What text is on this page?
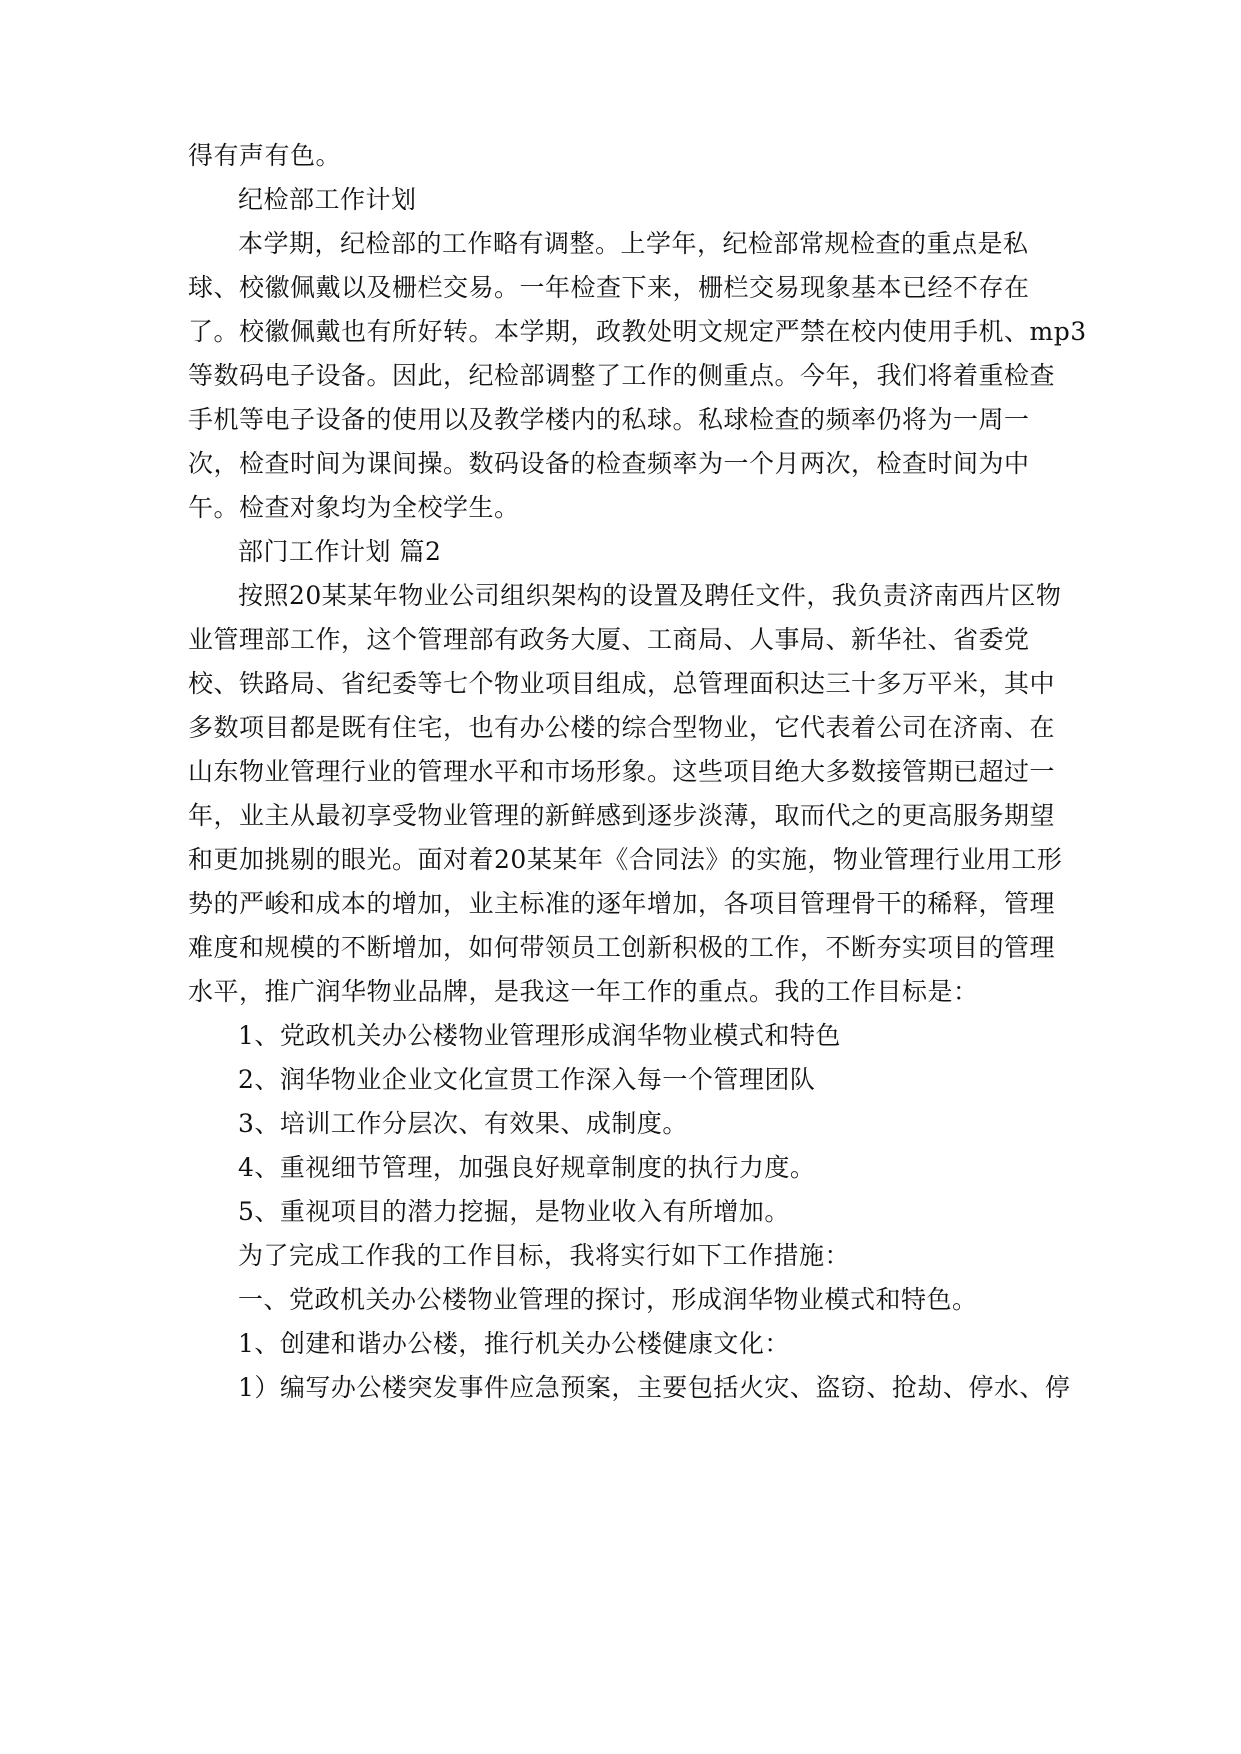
得有声有色。
纪检部工作计划
本学期，纪检部的工作略有调整。上学年，纪检部常规检查的重点是私
球、校徽佩戴以及栅栏交易。一年检查下来，栅栏交易现象基本已经不存在
了。校徽佩戴也有所好转。本学期，政教处明文规定严禁在校内使用手机、mp3
等数码电子设备。因此，纪检部调整了工作的侧重点。今年，我们将着重检查
手机等电子设备的使用以及教学楼内的私球。私球检查的频率仍将为一周一
次，检查时间为课间操。数码设备的检查频率为一个月两次，检查时间为中
午。检查对象均为全校学生。
部门工作计划 篇2
按照20某某年物业公司组织架构的设置及聘任文件，我负责济南西片区物
业管理部工作，这个管理部有政务大厦、工商局、人事局、新华社、省委党
校、铁路局、省纪委等七个物业项目组成，总管理面积达三十多万平米，其中
多数项目都是既有住宅，也有办公楼的综合型物业，它代表着公司在济南、在
山东物业管理行业的管理水平和市场形象。这些项目绝大多数接管期已超过一
年，业主从最初享受物业管理的新鲜感到逐步淡薄，取而代之的更高服务期望
和更加挑剔的眼光。面对着20某某年《合同法》的实施，物业管理行业用工形
势的严峻和成本的增加，业主标准的逐年增加，各项目管理骨干的稀释，管理
难度和规模的不断增加，如何带领员工创新积极的工作，不断夯实项目的管理
水平，推广润华物业品牌，是我这一年工作的重点。我的工作目标是：
1、党政机关办公楼物业管理形成润华物业模式和特色
2、润华物业企业文化宣贯工作深入每一个管理团队
3、培训工作分层次、有效果、成制度。
4、重视细节管理，加强良好规章制度的执行力度。
5、重视项目的潜力挖掘，是物业收入有所增加。
为了完成工作我的工作目标，我将实行如下工作措施：
一、党政机关办公楼物业管理的探讨，形成润华物业模式和特色。
1、创建和谐办公楼，推行机关办公楼健康文化：
1）编写办公楼突发事件应急预案，主要包括火灾、盗窃、抢劫、停水、停
